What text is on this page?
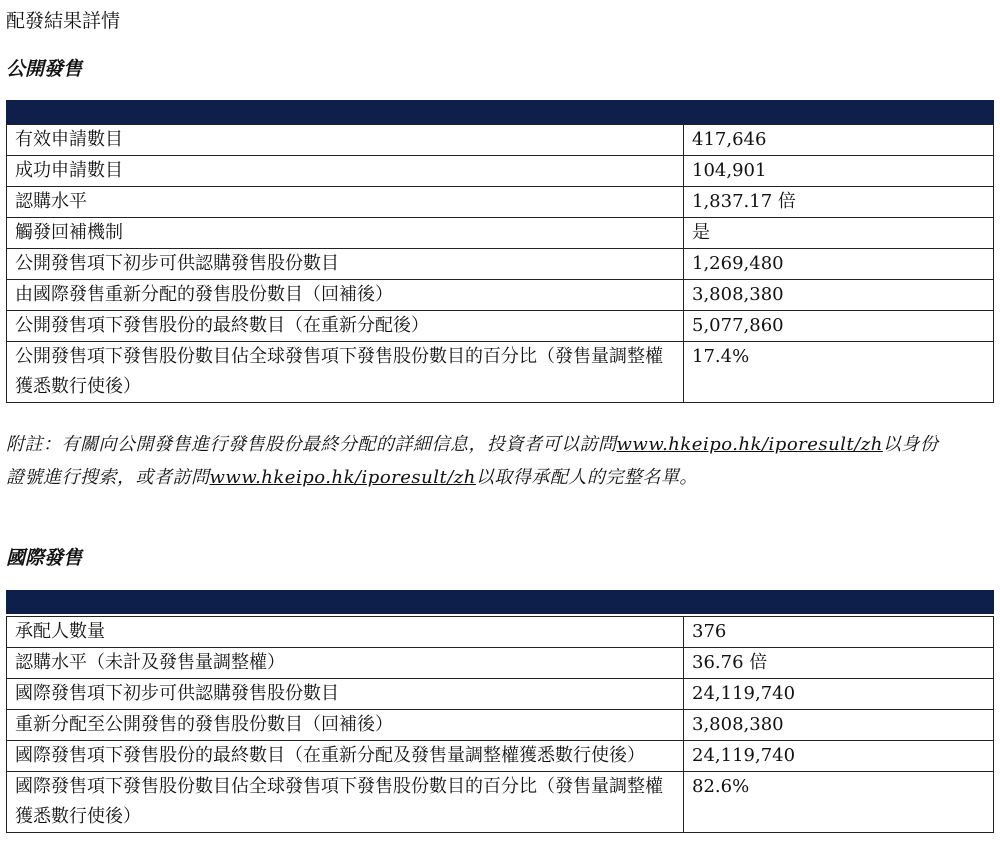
配發結果詳情
公開發售
有效申請數目	417,646
成功申請數目	104,901
認購水平	1,837.17 倍
觸發回補機制	是
公開發售項下初步可供認購發售股份數目	1,269,480
由國際發售重新分配的發售股份數目（回補後）	3,808,380
公開發售項下發售股份的最終數目（在重新分配後）	5,077,860
公開發售項下發售股份數目佔全球發售項下發售股份數目的百分比（發售量調整權獲悉數行使後）	17.4%
附註：有關向公開發售進行發售股份最終分配的詳細信息，投資者可以訪問www.hkeipo.hk/iporesult/zh以身份證號進行搜索，或者訪問www.hkeipo.hk/iporesult/zh以取得承配人的完整名單。
國際發售
承配人數量	376
認購水平（未計及發售量調整權）	36.76 倍
國際發售項下初步可供認購發售股份數目	24,119,740
重新分配至公開發售的發售股份數目（回補後）	3,808,380
國際發售項下發售股份的最終數目（在重新分配及發售量調整權獲悉數行使後）	24,119,740
國際發售項下發售股份數目佔全球發售項下發售股份數目的百分比（發售量調整權獲悉數行使後）	82.6%
